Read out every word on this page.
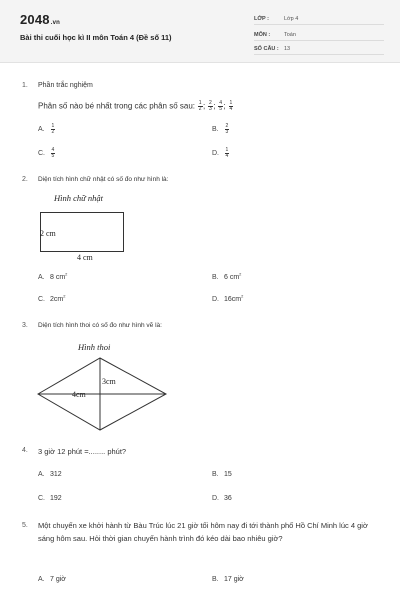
2048.vn
Bài thi cuối học kì II môn Toán 4 (Đề số 11)
LỚP :	Lớp 4
MÔN :	Toán
SỐ CÂU : 13
1. Phần trắc nghiệm
Phân số nào bé nhất trong các phân số sau: $\frac{1}{2}$ ; $\frac{2}{3}$ ; $\frac{4}{5}$ ; $\frac{1}{4}$
A. $\frac{1}{2}$	B. $\frac{2}{3}$
C. $\frac{4}{5}$	D. $\frac{1}{4}$
2. Diện tích hình chữ nhật có số đo như hình là:
Hình chữ nhật
2 cm
4 cm
A. 8 $cm^2$	B. 6 $cm^2$
C. $2cm^2$	D. $16cm^2$
3. Diện tích hình thoi có số đo như hình vẽ là:
Hình thoi
3cm
4cm
4. 3 giờ 12 phút =........ phút?
A. 312	B. 15
C. 192	D. 36
5. Một chuyến xe khởi hành từ Bàu Trúc lúc 21 giờ tối hôm nay đi tới thành phố Hồ Chí Minh lúc 4 giờ sáng hôm sau. Hỏi thời gian chuyến hành trình đó kéo dài bao nhiêu giờ?
A. 7 giờ	B. 17 giờ
